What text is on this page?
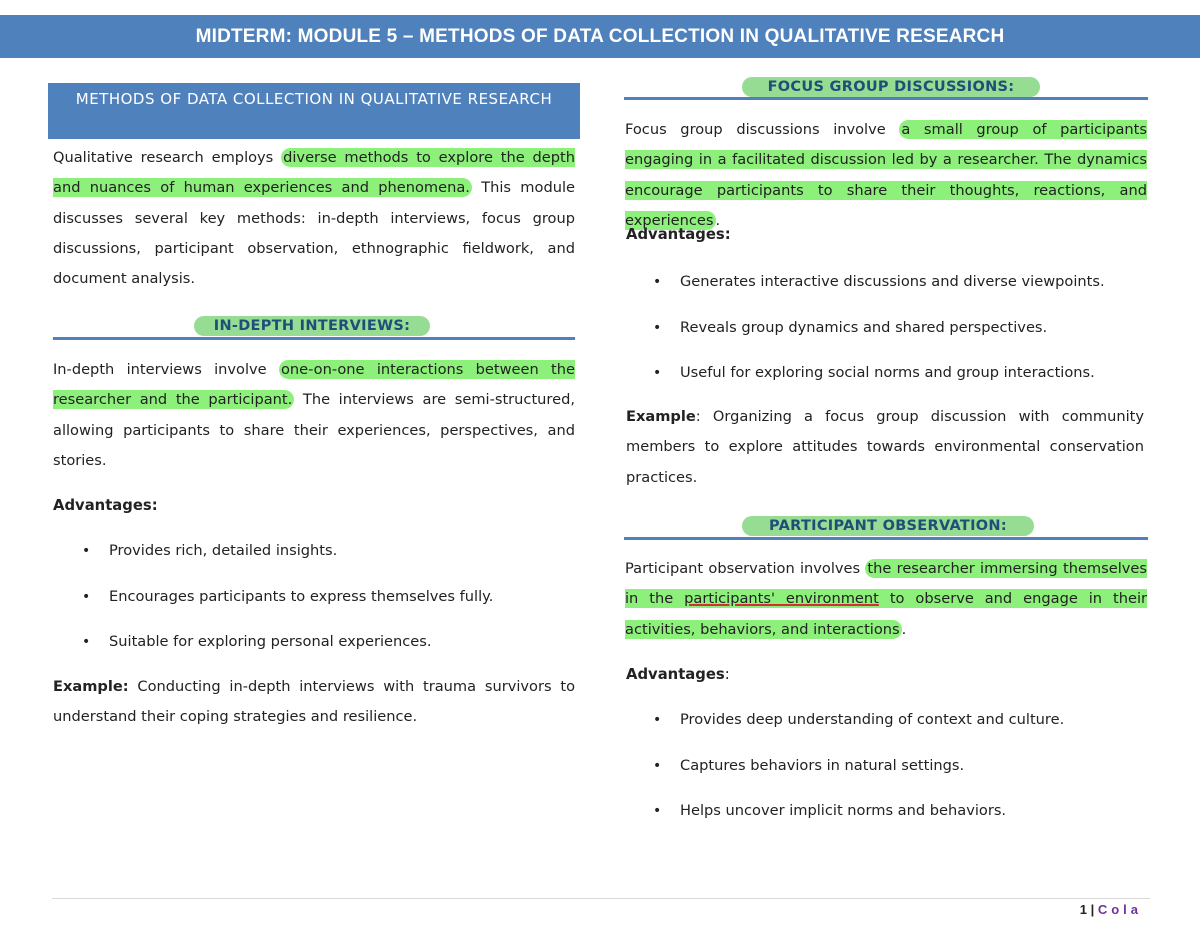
MIDTERM: MODULE 5 – METHODS OF DATA COLLECTION IN QUALITATIVE RESEARCH
METHODS OF DATA COLLECTION IN QUALITATIVE RESEARCH

Qualitative research employs diverse methods to explore the depth and nuances of human experiences and phenomena. This module discusses several key methods: in-depth interviews, focus group discussions, participant observation, ethnographic fieldwork, and document analysis.

IN-DEPTH INTERVIEWS:

In-depth interviews involve one-on-one interactions between the researcher and the participant. The interviews are semi-structured, allowing participants to share their experiences, perspectives, and stories.

Advantages:
• Provides rich, detailed insights.
• Encourages participants to express themselves fully.
• Suitable for exploring personal experiences.

Example: Conducting in-depth interviews with trauma survivors to understand their coping strategies and resilience.

FOCUS GROUP DISCUSSIONS:

Focus group discussions involve a small group of participants engaging in a facilitated discussion led by a researcher. The dynamics encourage participants to share their thoughts, reactions, and experiences .

Advantages:
• Generates interactive discussions and diverse viewpoints.
• Reveals group dynamics and shared perspectives.
• Useful for exploring social norms and group interactions.

Example: Organizing a focus group discussion with community members to explore attitudes towards environmental conservation practices.

PARTICIPANT OBSERVATION:

Participant observation involves the researcher immersing themselves in the participants' environment to observe and engage in their activities, behaviors, and interactions .

Advantages:
• Provides deep understanding of context and culture.
• Captures behaviors in natural settings.
• Helps uncover implicit norms and behaviors.
1 | Cola
